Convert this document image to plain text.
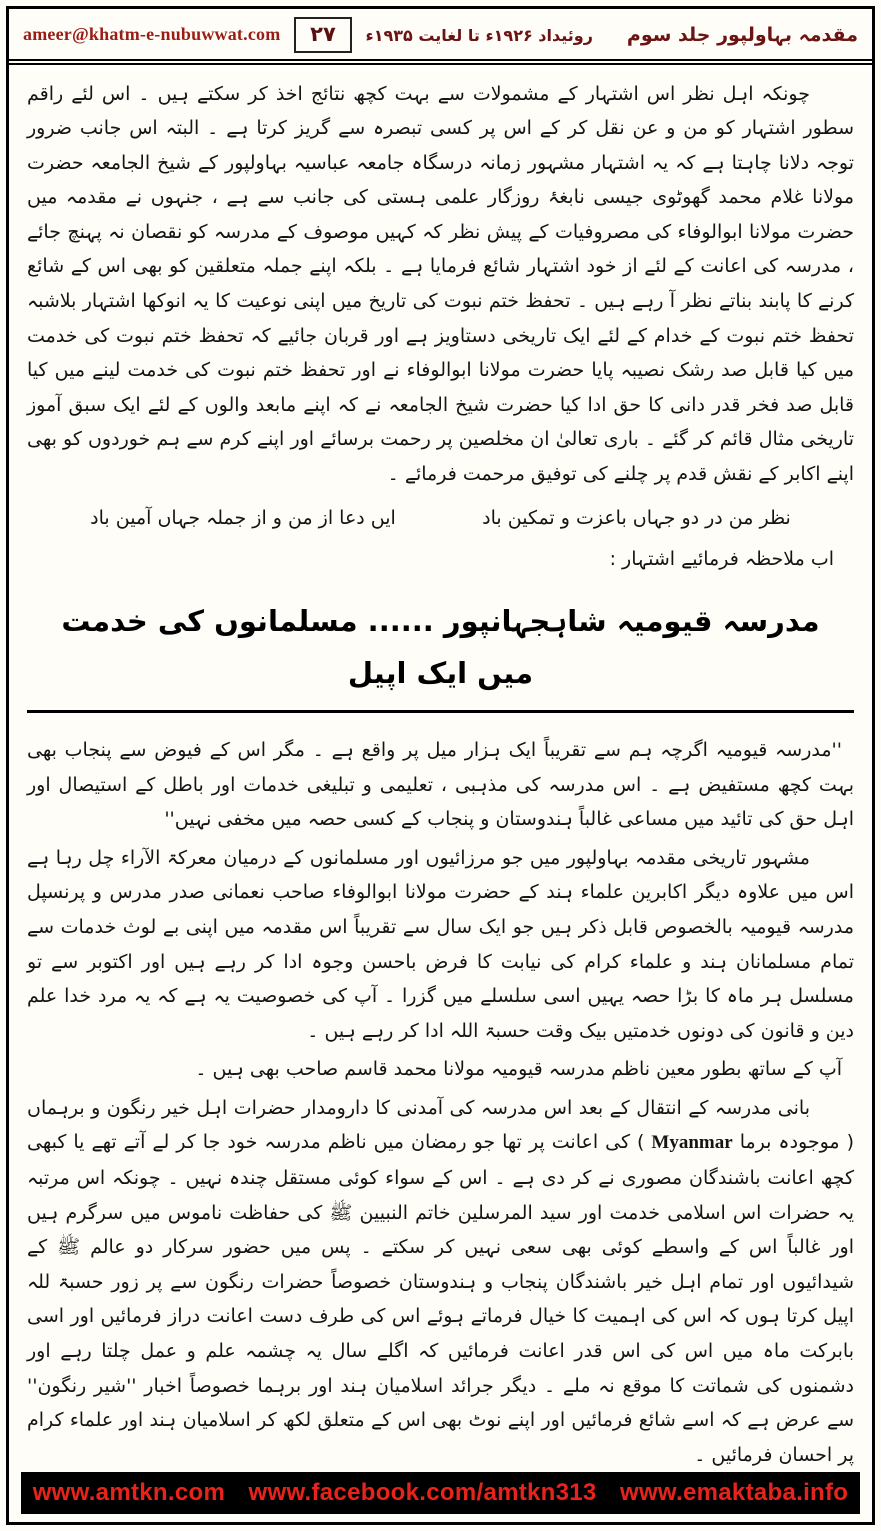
ameer@khatm-e-nubuwwat.com	۲۷	مقدمہ بہاولپور جلد سوم
روئیداد ۱۹۲۶ء تا لغایت ۱۹۳۵ء

چونکہ اہل نظر اس اشتہار کے مشمولات سے بہت کچھ نتائج اخذ کر سکتے ہیں ۔ اس لئے راقم سطور اشتہار کو من و عن نقل کر کے اس پر کسی تبصرہ سے گریز کرتا ہے ۔ البتہ اس جانب ضرور توجہ دلانا چاہتا ہے کہ یہ اشتہار مشہور زمانہ درسگاہ جامعہ عباسیہ بہاولپور کے شیخ الجامعہ حضرت مولانا غلام محمد گھوٹوی جیسی نابغۂ روزگار علمی ہستی کی جانب سے ہے ، جنہوں نے مقدمہ میں حضرت مولانا ابوالوفاء کی مصروفیات کے پیش نظر کہ کہیں موصوف کے مدرسہ کو نقصان نہ پہنچ جائے ، مدرسہ کی اعانت کے لئے از خود اشتہار شائع فرمایا ہے ۔ بلکہ اپنے جملہ متعلقین کو بھی اس کے شائع کرنے کا پابند بناتے نظر آ رہے ہیں ۔ تحفظ ختم نبوت کی تاریخ میں اپنی نوعیت کا یہ انوکھا اشتہار بلاشبہ تحفظ ختم نبوت کے خدام کے لئے ایک تاریخی دستاویز ہے اور قربان جائیے کہ تحفظ ختم نبوت کی خدمت میں کیا قابل صد رشک نصیبہ پایا حضرت مولانا ابوالوفاء نے اور تحفظ ختم نبوت کی خدمت لینے میں کیا قابل صد فخر قدر دانی کا حق ادا کیا حضرت شیخ الجامعہ نے کہ اپنے مابعد والوں کے لئے ایک سبق آموز تاریخی مثال قائم کر گئے ۔ باری تعالیٰ ان مخلصین پر رحمت برسائے اور اپنے کرم سے ہم خوردوں کو بھی اپنے اکابر کے نقش قدم پر چلنے کی توفیق مرحمت فرمائے ۔

نظر من در دو جہاں باعزت و تمکین باد
ایں دعا از من و از جملہ جہاں آمین باد

اب ملاحظہ فرمائیے اشتہار :

مدرسہ قیومیہ شاہجہانپور ...... مسلمانوں کی خدمت میں ایک اپیل

''مدرسہ قیومیہ اگرچہ ہم سے تقریباً ایک ہزار میل پر واقع ہے ۔ مگر اس کے فیوض سے پنجاب بھی بہت کچھ مستفیض ہے ۔ اس مدرسہ کی مذہبی ، تعلیمی و تبلیغی خدمات اور باطل کے استیصال اور اہل حق کی تائید میں مساعی غالباً ہندوستان و پنجاب کے کسی حصہ میں مخفی نہیں''

مشہور تاریخی مقدمہ بہاولپور میں جو مرزائیوں اور مسلمانوں کے درمیان معرکۃ الآراء چل رہا ہے اس میں علاوہ دیگر اکابرین علماء ہند کے حضرت مولانا ابوالوفاء صاحب نعمانی صدر مدرس و پرنسپل مدرسہ قیومیہ بالخصوص قابل ذکر ہیں جو ایک سال سے تقریباً اس مقدمہ میں اپنی بے لوث خدمات سے تمام مسلمانان ہند و علماء کرام کی نیابت کا فرض باحسن وجوہ ادا کر رہے ہیں اور اکتوبر سے تو مسلسل ہر ماہ کا بڑا حصہ یہیں اسی سلسلے میں گزرا ۔ آپ کی خصوصیت یہ ہے کہ یہ مرد خدا علم دین و قانون کی دونوں خدمتیں بیک وقت حسبۃ اللہ ادا کر رہے ہیں ۔

آپ کے ساتھ بطور معین ناظم مدرسہ قیومیہ مولانا محمد قاسم صاحب بھی ہیں ۔

بانی مدرسہ کے انتقال کے بعد اس مدرسہ کی آمدنی کا دارومدار حضرات اہل خیر رنگون و برہماں ( موجودہ برما Myanmar ) کی اعانت پر تھا جو رمضان میں ناظم مدرسہ خود جا کر لے آتے تھے یا کبھی کچھ اعانت باشندگان مصوری نے کر دی ہے ۔ اس کے سواء کوئی مستقل چندہ نہیں ۔ چونکہ اس مرتبہ یہ حضرات اس اسلامی خدمت اور سید المرسلین خاتم النبیین ﷺ کی حفاظت ناموس میں سرگرم ہیں اور غالباً اس کے واسطے کوئی بھی سعی نہیں کر سکتے ۔ پس میں حضور سرکار دو عالم ﷺ کے شیدائیوں اور تمام اہل خیر باشندگان پنجاب و ہندوستان خصوصاً حضرات رنگون سے پر زور حسبۃ للہ اپیل کرتا ہوں کہ اس کی اہمیت کا خیال فرماتے ہوئے اس کی طرف دست اعانت دراز فرمائیں اور اسی بابرکت ماہ میں اس کی اس قدر اعانت فرمائیں کہ اگلے سال یہ چشمہ علم و عمل چلتا رہے اور دشمنوں کی شماتت کا موقع نہ ملے ۔ دیگر جرائد اسلامیان ہند اور برہما خصوصاً اخبار ''شیر رنگون'' سے عرض ہے کہ اسے شائع فرمائیں اور اپنے نوٹ بھی اس کے متعلق لکھ کر اسلامیان ہند اور علماء کرام پر احسان فرمائیں ۔

www.amtkn.com www.facebook.com/amtkn313 www.emaktaba.info
